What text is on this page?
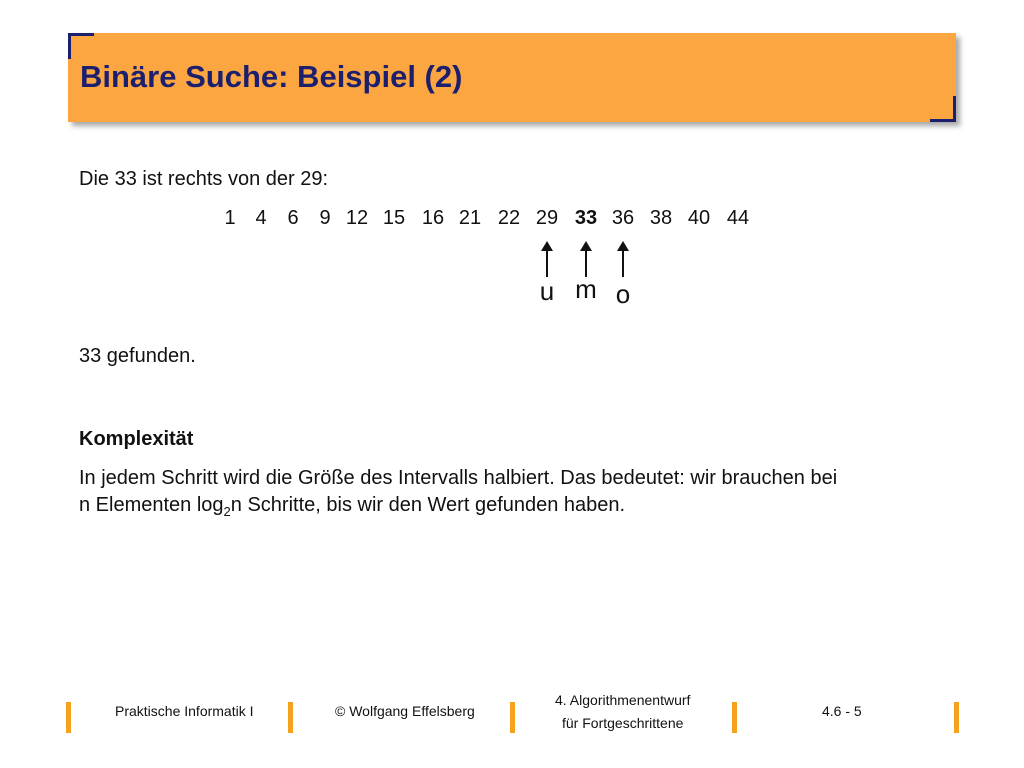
Binäre Suche: Beispiel (2)
Die 33 ist rechts von der 29:
1 4 6 9 12 15 16 21 22 29 33 36 38 40 44
u m o
33 gefunden.
Komplexität
In jedem Schritt wird die Größe des Intervalls halbiert. Das bedeutet: wir brauchen bei
n Elementen $\log_2n$ Schritte, bis wir den Wert gefunden haben.
Praktische Informatik I	© Wolfgang Effelsberg
4. Algorithmenentwurf
für Fortgeschrittene
4.6 - 5
